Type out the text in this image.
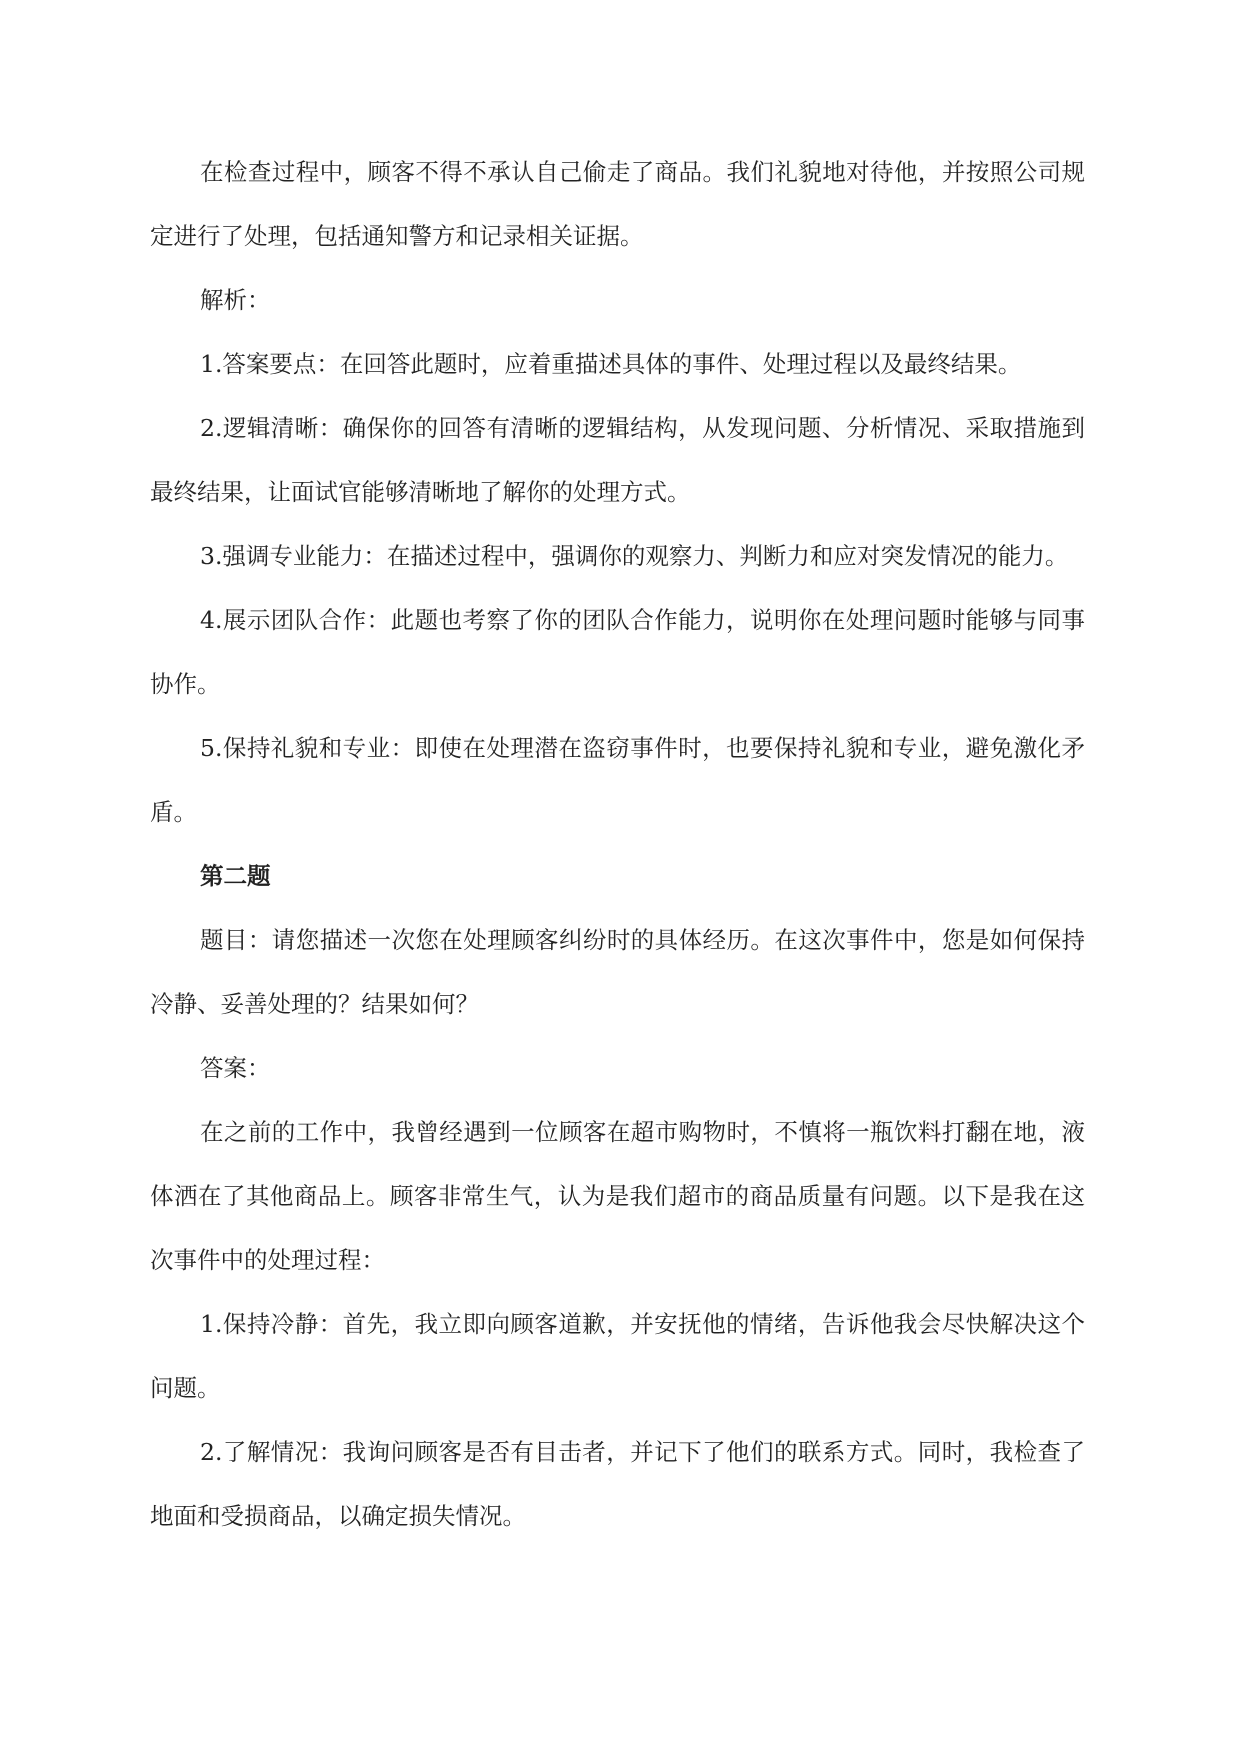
在检查过程中，顾客不得不承认自己偷走了商品。我们礼貌地对待他，并按照公司规定进行了处理，包括通知警方和记录相关证据。

解析：

1.答案要点：在回答此题时，应着重描述具体的事件、处理过程以及最终结果。

2.逻辑清晰：确保你的回答有清晰的逻辑结构，从发现问题、分析情况、采取措施到最终结果，让面试官能够清晰地了解你的处理方式。

3.强调专业能力：在描述过程中，强调你的观察力、判断力和应对突发情况的能力。

4.展示团队合作：此题也考察了你的团队合作能力，说明你在处理问题时能够与同事协作。

5.保持礼貌和专业：即使在处理潜在盗窃事件时，也要保持礼貌和专业，避免激化矛盾。

第二题

题目：请您描述一次您在处理顾客纠纷时的具体经历。在这次事件中，您是如何保持冷静、妥善处理的？结果如何？

答案：

在之前的工作中，我曾经遇到一位顾客在超市购物时，不慎将一瓶饮料打翻在地，液体洒在了其他商品上。顾客非常生气，认为是我们超市的商品质量有问题。以下是我在这次事件中的处理过程：

1.保持冷静：首先，我立即向顾客道歉，并安抚他的情绪，告诉他我会尽快解决这个问题。

2.了解情况：我询问顾客是否有目击者，并记下了他们的联系方式。同时，我检查了地面和受损商品，以确定损失情况。
